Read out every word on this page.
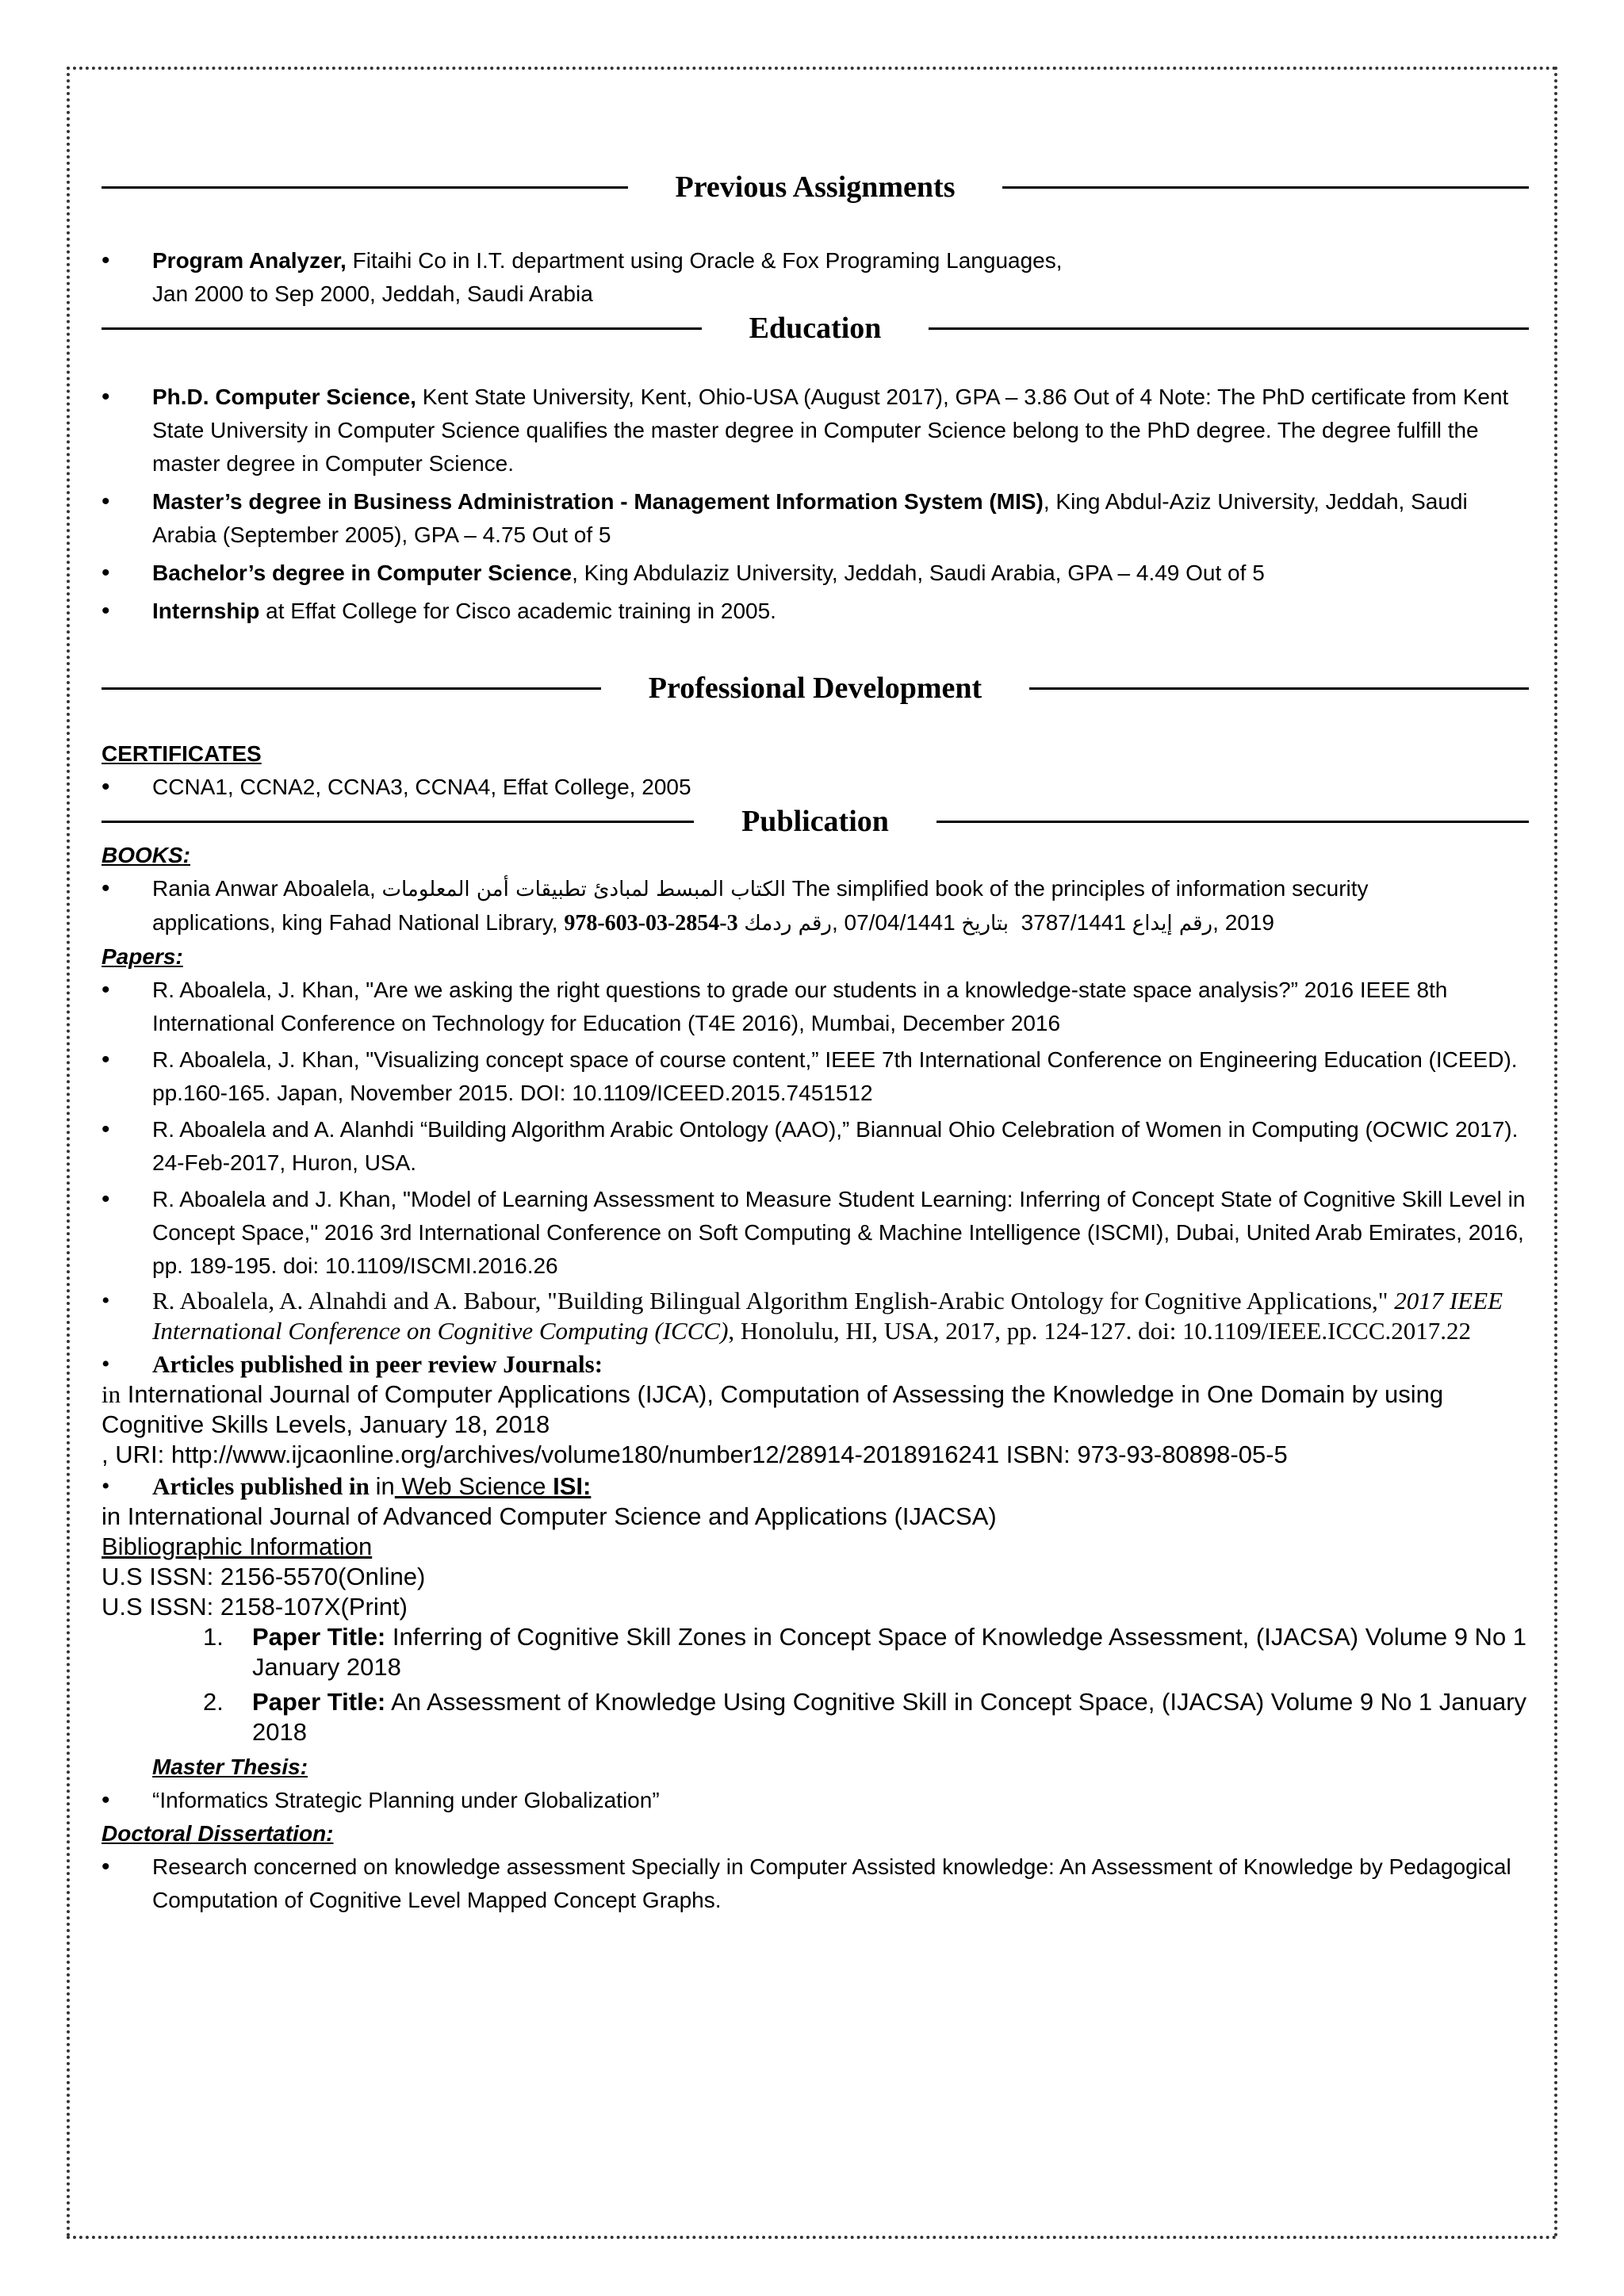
Previous Assignments
• Program Analyzer, Fitaihi Co in I.T. department using Oracle & Fox Programing Languages,
Jan 2000 to Sep 2000, Jeddah, Saudi Arabia
Education
• Ph.D. Computer Science, Kent State University, Kent, Ohio-USA (August 2017), GPA – 3.86 Out of 4 Note: The PhD certificate from Kent State University in Computer Science qualifies the master degree in Computer Science belong to the PhD degree. The degree fulfill the master degree in Computer Science.
• Master’s degree in Business Administration - Management Information System (MIS), King Abdul-Aziz University, Jeddah, Saudi Arabia (September 2005), GPA – 4.75 Out of 5
• Bachelor’s degree in Computer Science, King Abdulaziz University, Jeddah, Saudi Arabia, GPA – 4.49 Out of 5
• Internship at Effat College for Cisco academic training in 2005.
Professional Development
CERTIFICATES
• CCNA1, CCNA2, CCNA3, CCNA4, Effat College, 2005
Publication
BOOKS:
• Rania Anwar Aboalela, الكتاب المبسط لمبادئ تطبيقات أمن المعلومات The simplified book of the principles of information security
applications, king Fahad National Library, 978-603-03-2854-3 رقم ردمك, 07/04/1441 بتاريخ 3787/1441 رقم إيداع, 2019
Papers:
• R. Aboalela, J. Khan, "Are we asking the right questions to grade our students in a knowledge-state space analysis?” 2016 IEEE 8th International Conference on Technology for Education (T4E 2016), Mumbai, December 2016
• R. Aboalela, J. Khan, "Visualizing concept space of course content,” IEEE 7th International Conference on Engineering Education (ICEED). pp.160-165. Japan, November 2015. DOI: 10.1109/ICEED.2015.7451512
• R. Aboalela and A. Alanhdi “Building Algorithm Arabic Ontology (AAO),” Biannual Ohio Celebration of Women in Computing (OCWIC 2017). 24-Feb-2017, Huron, USA.
• R. Aboalela and J. Khan, "Model of Learning Assessment to Measure Student Learning: Inferring of Concept State of Cognitive Skill Level in Concept Space," 2016 3rd International Conference on Soft Computing & Machine Intelligence (ISCMI), Dubai, United Arab Emirates, 2016, pp. 189-195. doi: 10.1109/ISCMI.2016.26
• R. Aboalela, A. Alnahdi and A. Babour, "Building Bilingual Algorithm English-Arabic Ontology for Cognitive Applications," 2017 IEEE International Conference on Cognitive Computing (ICCC), Honolulu, HI, USA, 2017, pp. 124-127. doi: 10.1109/IEEE.ICCC.2017.22
• Articles published in peer review Journals:
in International Journal of Computer Applications (IJCA), Computation of Assessing the Knowledge in One Domain by using Cognitive Skills Levels, January 18, 2018
, URI: http://www.ijcaonline.org/archives/volume180/number12/28914-2018916241 ISBN: 973-93-80898-05-5
• Articles published in in Web Science ISI:
in International Journal of Advanced Computer Science and Applications (IJACSA)
Bibliographic Information
U.S ISSN: 2156-5570(Online)
U.S ISSN: 2158-107X(Print)
1. Paper Title: Inferring of Cognitive Skill Zones in Concept Space of Knowledge Assessment, (IJACSA) Volume 9 No 1 January 2018
2. Paper Title: An Assessment of Knowledge Using Cognitive Skill in Concept Space, (IJACSA) Volume 9 No 1 January 2018
Master Thesis:
• “Informatics Strategic Planning under Globalization”
Doctoral Dissertation:
• Research concerned on knowledge assessment Specially in Computer Assisted knowledge: An Assessment of Knowledge by Pedagogical Computation of Cognitive Level Mapped Concept Graphs.
